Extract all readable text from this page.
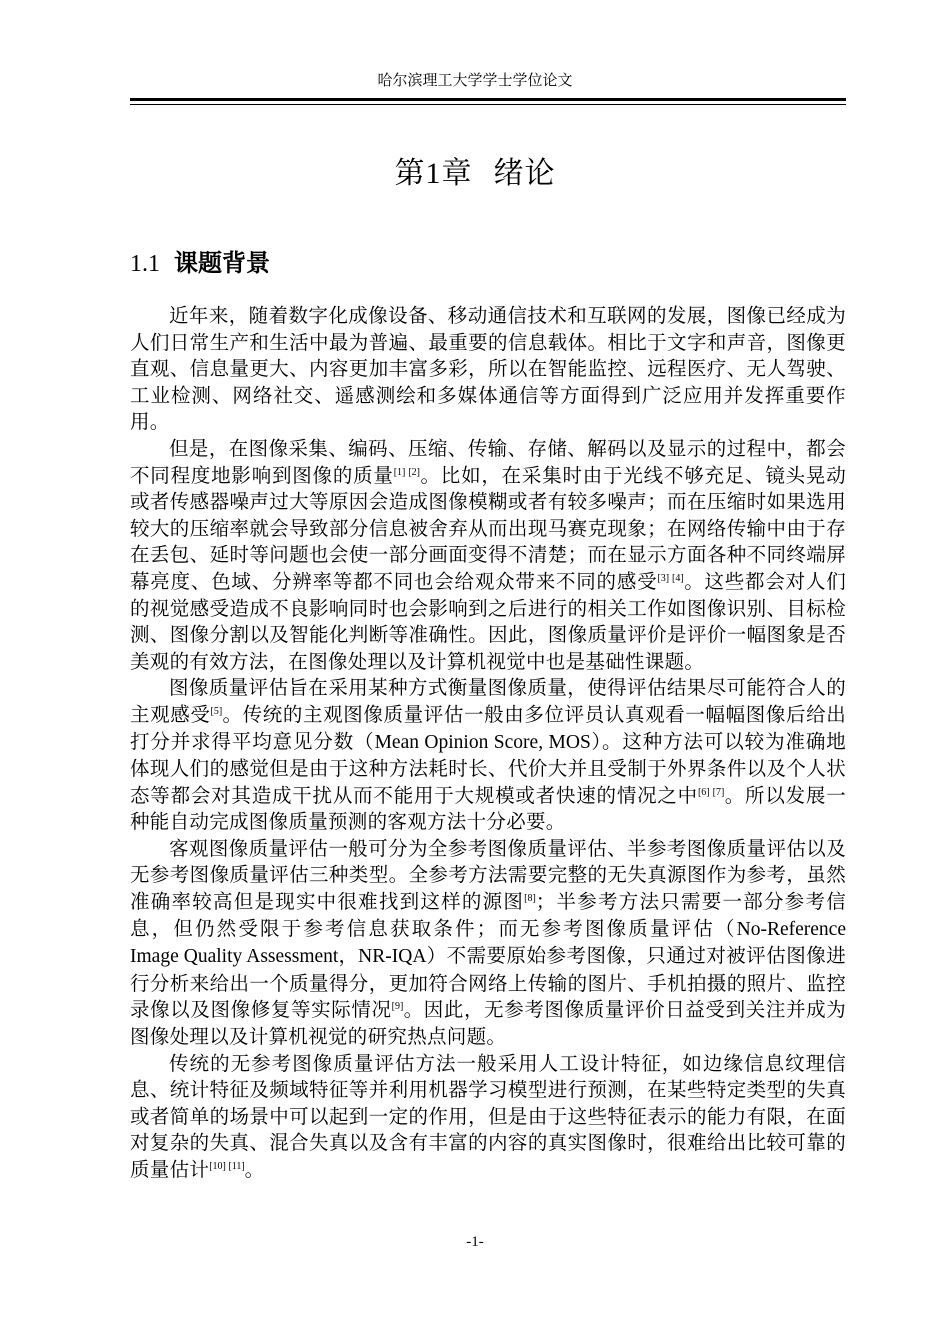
哈尔滨理工大学学士学位论文
第1章 绪论
1.1 课题背景

近年来，随着数字化成像设备、移动通信技术和互联网的发展，图像已经成为人们日常生产和生活中最为普遍、最重要的信息载体。相比于文字和声音，图像更直观、信息量更大、内容更加丰富多彩，所以在智能监控、远程医疗、无人驾驶、工业检测、网络社交、遥感测绘和多媒体通信等方面得到广泛应用并发挥重要作用。

但是，在图像采集、编码、压缩、传输、存储、解码以及显示的过程中，都会不同程度地影响到图像的质量[1] [2]。比如，在采集时由于光线不够充足、镜头晃动或者传感器噪声过大等原因会造成图像模糊或者有较多噪声；而在压缩时如果选用较大的压缩率就会导致部分信息被舍弃从而出现马赛克现象；在网络传输中由于存在丢包、延时等问题也会使一部分画面变得不清楚；而在显示方面各种不同终端屏幕亮度、色域、分辨率等都不同也会给观众带来不同的感受[3] [4]。这些都会对人们的视觉感受造成不良影响同时也会影响到之后进行的相关工作如图像识别、目标检测、图像分割以及智能化判断等准确性。因此，图像质量评价是评价一幅图象是否美观的有效方法，在图像处理以及计算机视觉中也是基础性课题。

图像质量评估旨在采用某种方式衡量图像质量，使得评估结果尽可能符合人的主观感受[5]。传统的主观图像质量评估一般由多位评员认真观看一幅幅图像后给出打分并求得平均意见分数（Mean Opinion Score, MOS）。这种方法可以较为准确地体现人们的感觉但是由于这种方法耗时长、代价大并且受制于外界条件以及个人状态等都会对其造成干扰从而不能用于大规模或者快速的情况之中[6] [7]。所以发展一种能自动完成图像质量预测的客观方法十分必要。

客观图像质量评估一般可分为全参考图像质量评估、半参考图像质量评估以及无参考图像质量评估三种类型。全参考方法需要完整的无失真源图作为参考，虽然准确率较高但是现实中很难找到这样的源图[8]；半参考方法只需要一部分参考信息，但仍然受限于参考信息获取条件；而无参考图像质量评估（No-Reference Image Quality Assessment，NR-IQA）不需要原始参考图像，只通过对被评估图像进行分析来给出一个质量得分，更加符合网络上传输的图片、手机拍摄的照片、监控录像以及图像修复等实际情况[9]。因此，无参考图像质量评价日益受到关注并成为图像处理以及计算机视觉的研究热点问题。

传统的无参考图像质量评估方法一般采用人工设计特征，如边缘信息纹理信息、统计特征及频域特征等并利用机器学习模型进行预测，在某些特定类型的失真或者简单的场景中可以起到一定的作用，但是由于这些特征表示的能力有限，在面对复杂的失真、混合失真以及含有丰富的内容的真实图像时，很难给出比较可靠的质量估计[10] [11]。

-1-
